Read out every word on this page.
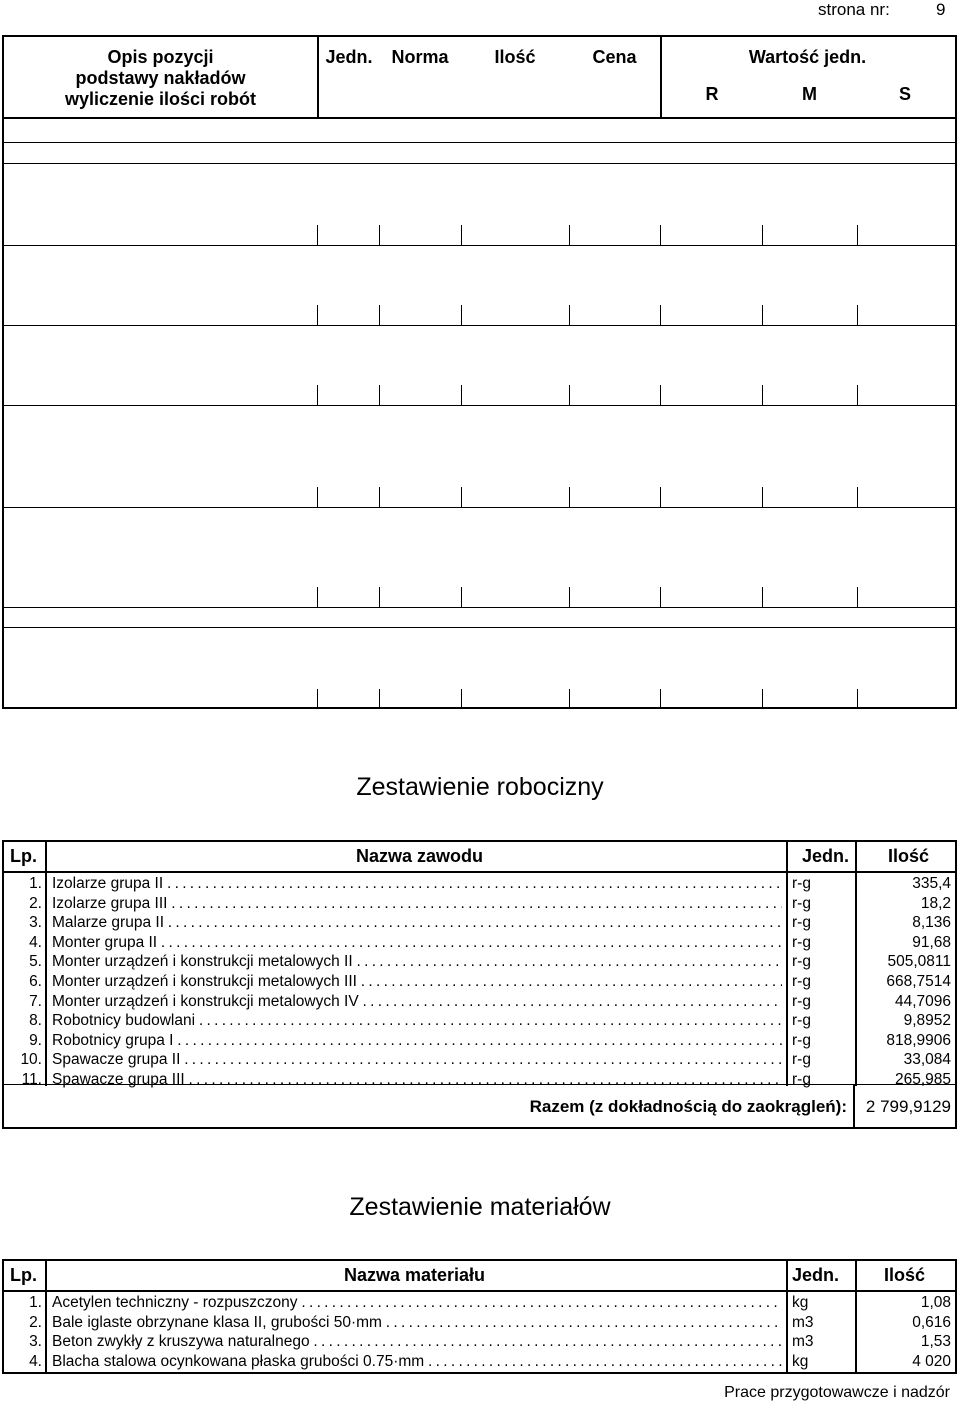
strona nr:	9
Opis pozycji
podstawy nakładów
wyliczenie ilości robót
Jedn.	Norma	Ilość	Cena	Wartość jedn.
R	M	S
Zestawienie robocizny
Lp.	Nazwa zawodu	Jedn. Ilość
1. Izolarze grupa II . . .	r-g	335,4
2. Izolarze grupa III . . .	r-g	18,2
3. Malarze grupa II . . .	r-g	8,136
4. Monter grupa II . . .	r-g	91,68
5. Monter urządzeń i konstrukcji metalowych II . . .	r-g	505,0811
6. Monter urządzeń i konstrukcji metalowych III . . .	r-g	668,7514
7. Monter urządzeń i konstrukcji metalowych IV . . .	r-g	44,7096
8. Robotnicy budowlani . . .	r-g	9,8952
9. Robotnicy grupa I . . .	r-g	818,9906
10. Spawacze grupa II . . .	r-g	33,084
11. Spawacze grupa III . . .	r-g	265,985
Razem (z dokładnością do zaokrągleń): 2 799,9129
Zestawienie materiałów
Lp.	Nazwa materiału	Jedn. Ilość
1. Acetylen techniczny - rozpuszczony . . .	kg	1,08
2. Bale iglaste obrzynane klasa II, grubości 50·mm . . .	m3	0,616
3. Beton zwykły z kruszywa naturalnego . . .	m3	1,53
4. Blacha stalowa ocynkowana płaska grubości 0.75·mm . . .	kg	4 020
Prace przygotowawcze i nadzór
